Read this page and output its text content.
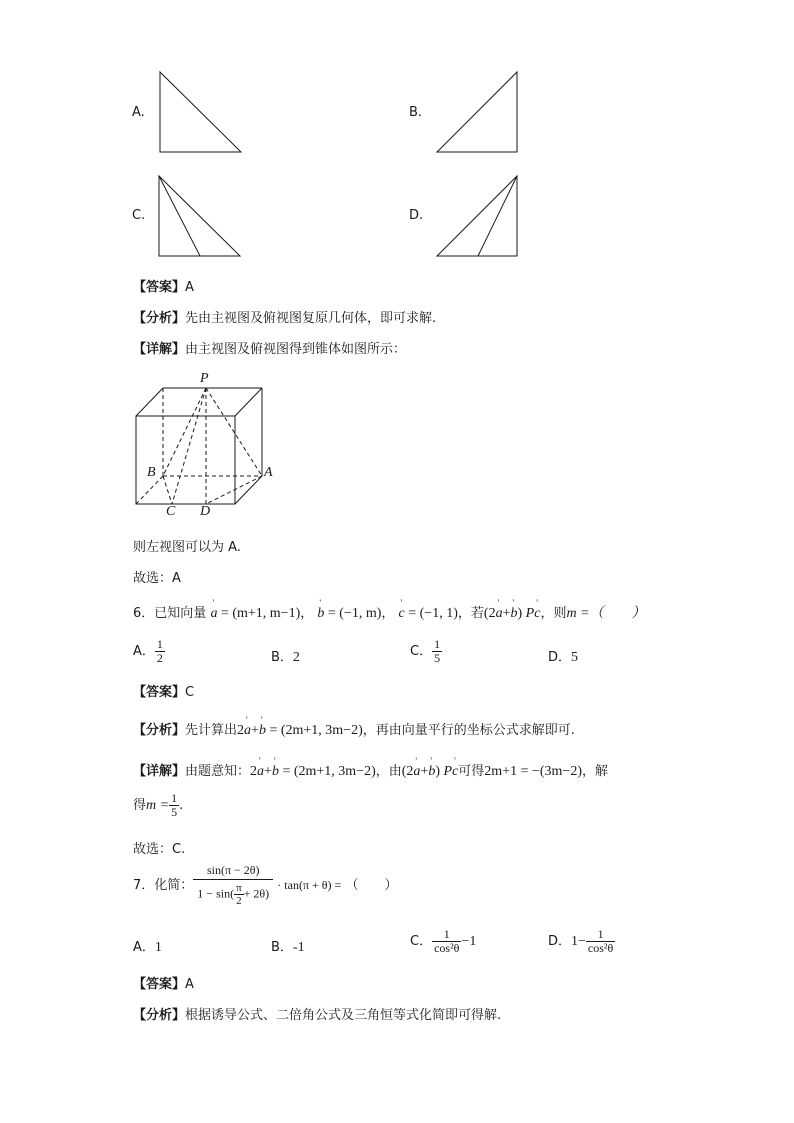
A.	B.
C.	D.
【答案】A
【分析】先由主视图及俯视图复原几何体，即可求解.
【详解】由主视图及俯视图得到锥体如图所示：
P
B	A
C D
则左视图可以为 A.
故选：A
6．已知向量 ' a = (m+1, m−1)， ' b = (−1, m)， ' c = (−1, 1)，若(2' a+' b) P' c，则m =（　　）
A． $\frac{1}{2}$	B．2	C． $\frac{1}{5}$	D．5
【答案】C
【分析】先计算出2' a+' b = (2m+1, 3m−2)，再由向量平行的坐标公式求解即可.
【详解】由题意知：2' a+' b = (2m+1, 3m−2)，由(2' a+' b) P' c可得2m+1 = −(3m−2)，解
得$m = \frac{1}{5}$ .
故选：C.
7．化简： $\frac{\sin(\pi - 2\theta)}{1 - \sin( \frac{\pi}{2} + 2\theta)} \cdot \tan(\pi + \theta)$ = （　　）
A．1	B．-1	C． $\frac{1}{\text{cos²θ}} -1$	D．$1- \frac{1}{\text{cos²θ}}$
【答案】A
【分析】根据诱导公式、二倍角公式及三角恒等式化简即可得解.
